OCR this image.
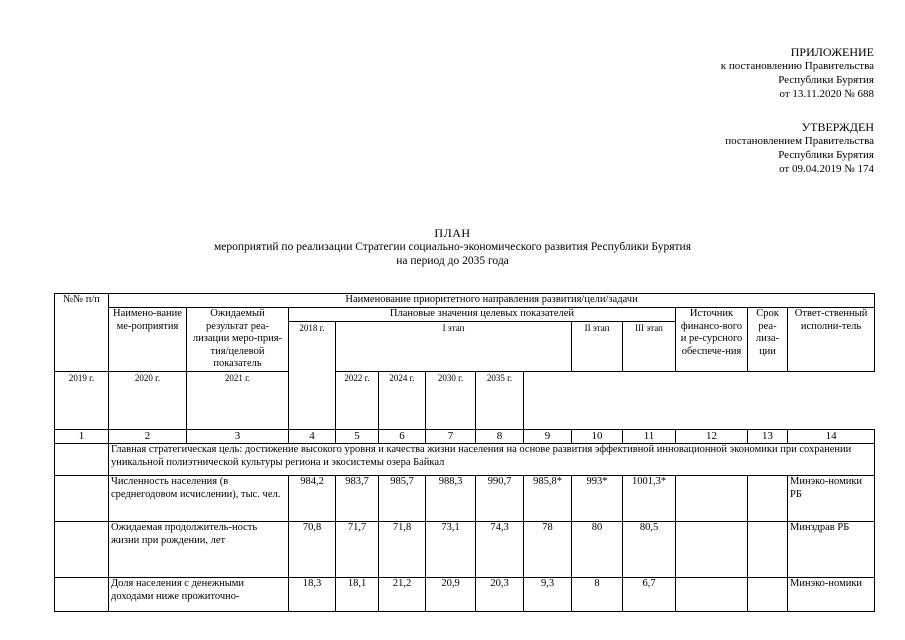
ПРИЛОЖЕНИЕ
к постановлению Правительства
Республики Бурятия
от 13.11.2020 № 688
УТВЕРЖДЕН
постановлением Правительства
Республики Бурятия
от 09.04.2019 № 174
ПЛАН
мероприятий по реализации Стратегии социально-экономического развития Республики Бурятия
на период до 2035 года
№№ п/п	Наименование приоритетного направления развития/цели/задачи												
	Наимено-вание ме-роприятия	Ожидаемый результат реа-лизации меро-прия-тия/целевой показатель	Плановые значения целевых показателей								Источник финансо-вого и ре-сурсного обеспече-ния	Срок реа-лиза-ции	Ответ-ственный исполни-тель
			2018 г.	I этап					II этап	III этап			
2019 г.	2020 г.	2021 г.		2022 г.	2024 г.	2030 г.	2035 г.						
1	2	3	4	5	6	7	8	9	10	11	12	13	14
	Главная стратегическая цель: достижение высокого уровня и качества жизни населения на основе развития эффективной инновационной экономики при сохранении уникальной полиэтнической культуры региона и экосистемы озера Байкал												
	Численность населения (в среднегодовом исчислении), тыс. чел.		984,2	983,7	985,7	988,3	990,7	985,8*	993*	1001,3*			Минэко-номики РБ
	Ожидаемая продолжитель-ность жизни при рождении, лет		70,8	71,7	71,8	73,1	74,3	78	80	80,5			Минздрав РБ
	Доля населения с денежными доходами ниже прожиточно-		18,3	18,1	21,2	20,9	20,3	9,3	8	6,7			Минэко-номики
